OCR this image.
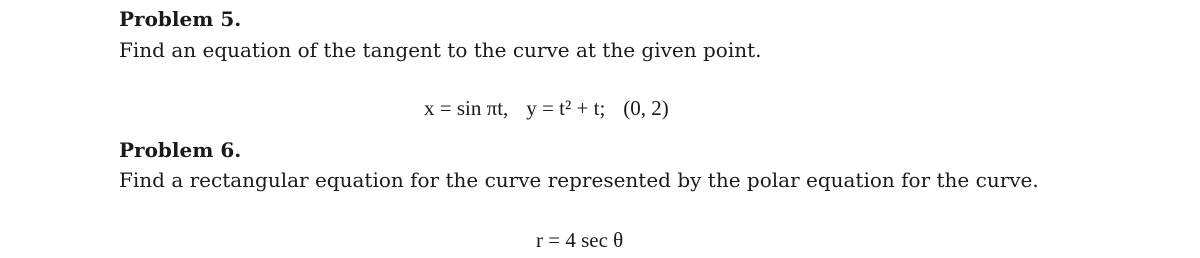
Problem 5.

Find an equation of the tangent to the curve at the given point.

x = sin πt, y = t² + t; (0, 2)

Problem 6.

Find a rectangular equation for the curve represented by the polar equation for the curve.

r = 4 sec θ
